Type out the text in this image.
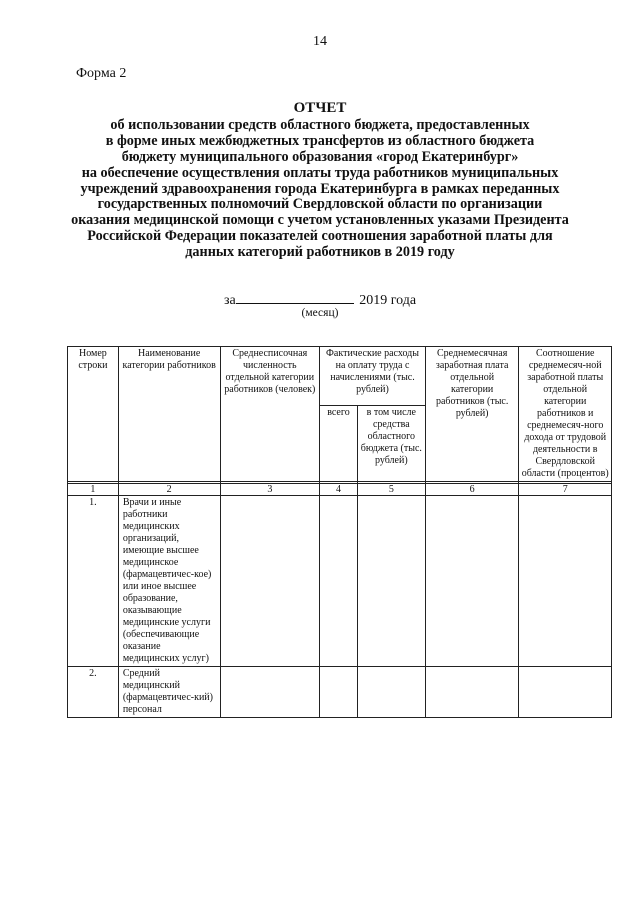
14
Форма 2
ОТЧЕТ
об использовании средств областного бюджета, предоставленных
в форме иных межбюджетных трансфертов из областного бюджета
бюджету муниципального образования «город Екатеринбург»
на обеспечение осуществления оплаты труда работников муниципальных
учреждений здравоохранения города Екатеринбурга в рамках переданных
государственных полномочий Свердловской области по организации
оказания медицинской помощи с учетом установленных указами Президента
Российской Федерации показателей соотношения заработной платы для
данных категорий работников в 2019 году
за	2019 года
(месяц)
Номер строки	Наименование категории работников	Среднесписочная численность отдельной категории работников (человек)	Фактические расходы на оплату труда с начислениями (тыс. рублей)		Среднемесячная заработная плата отдельной категории работников (тыс. рублей)	Соотношение среднемесяч-ной заработной платы отдельной категории работников и среднемесяч-ного дохода от трудовой деятельности в Свердловской области (процентов)
			всего	в том числе средства областного бюджета (тыс. рублей)		

1	2	3	4	5	6	7
1.	Врачи и иные работники медицинских организаций, имеющие высшее медицинское (фармацевтичес-кое) или иное высшее образование, оказывающие медицинские услуги (обеспечивающие оказание медицинских услуг)					
2.	Средний медицинский (фармацевтичес-кий) персонал					
